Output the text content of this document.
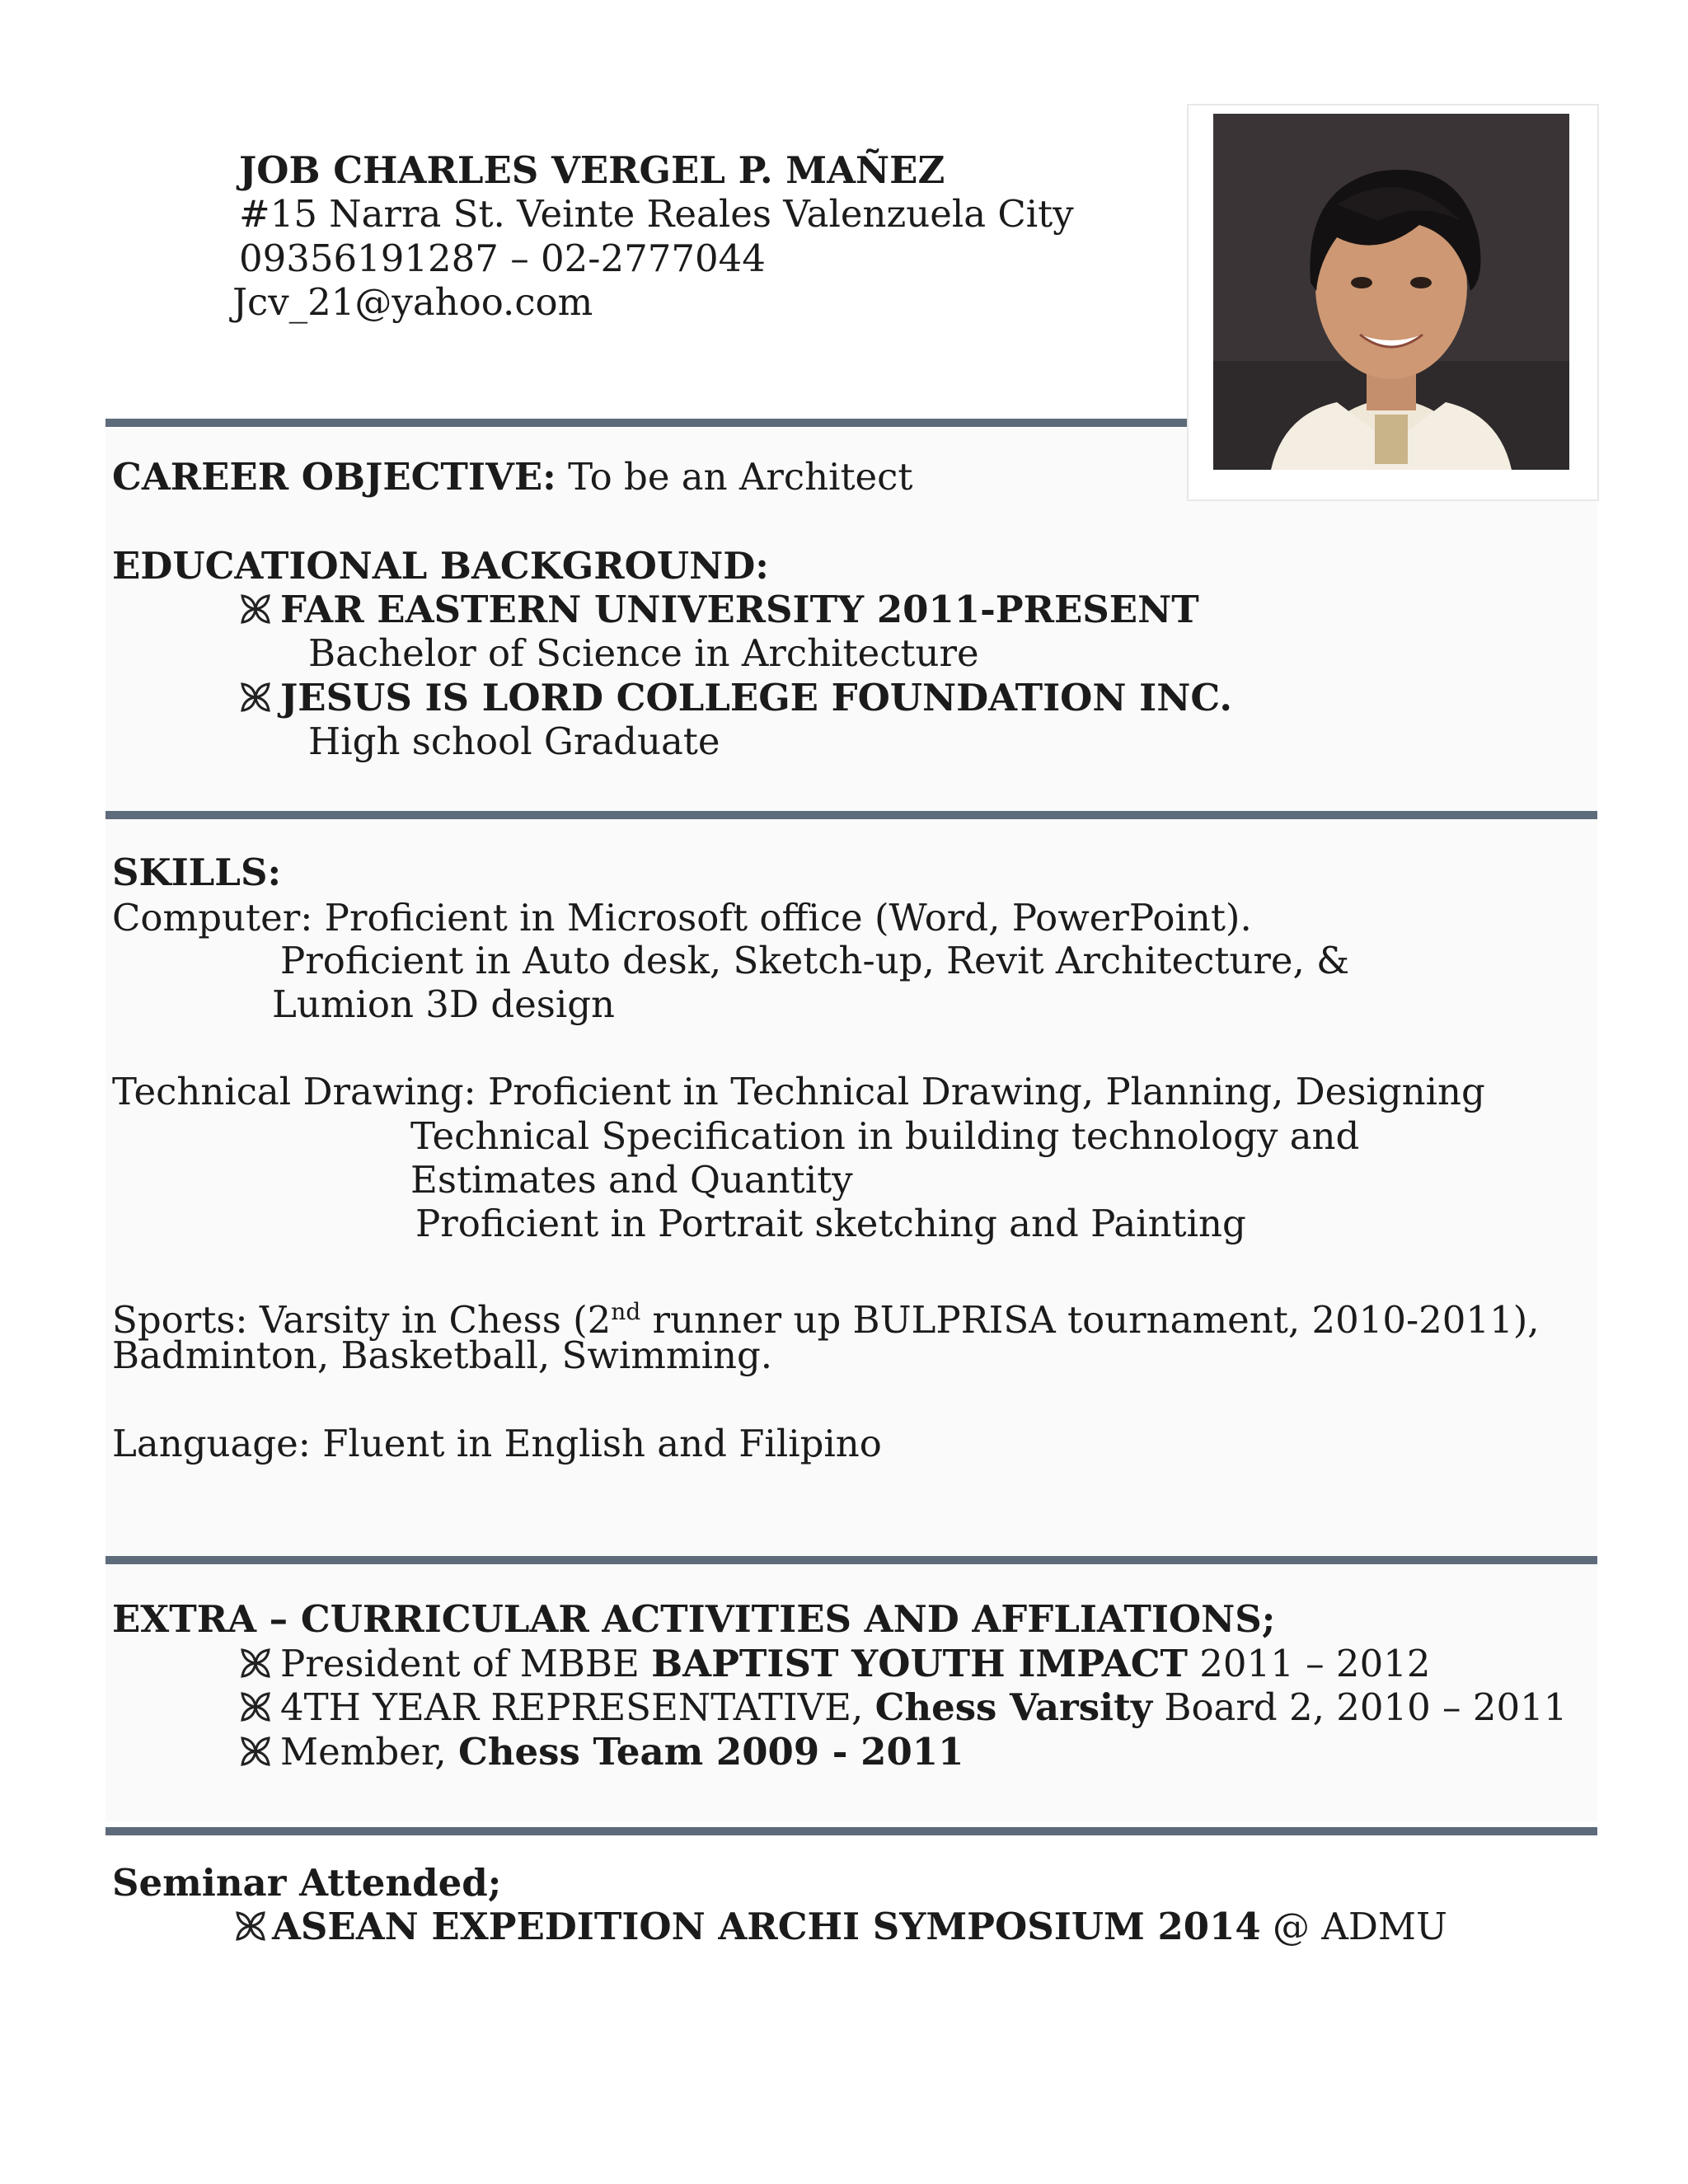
JOB CHARLES VERGEL P. MAÑEZ
#15 Narra St. Veinte Reales Valenzuela City
09356191287 – 02-2777044
Jcv_21@yahoo.com
CAREER OBJECTIVE: To be an Architect
EDUCATIONAL BACKGROUND:
FAR EASTERN UNIVERSITY 2011-PRESENT
Bachelor of Science in Architecture
JESUS IS LORD COLLEGE FOUNDATION INC.
High school Graduate
SKILLS:
Computer: Proficient in Microsoft office (Word, PowerPoint).
Proficient in Auto desk, Sketch-up, Revit Architecture, &
Lumion 3D design
Technical Drawing: Proficient in Technical Drawing, Planning, Designing
Technical Specification in building technology and
Estimates and Quantity
Proficient in Portrait sketching and Painting
Sports: Varsity in Chess (2nd runner up BULPRISA tournament, 2010-2011),
Badminton, Basketball, Swimming.
Language: Fluent in English and Filipino
EXTRA – CURRICULAR ACTIVITIES AND AFFLIATIONS;
President of MBBE BAPTIST YOUTH IMPACT 2011 – 2012
4TH YEAR REPRESENTATIVE, Chess Varsity Board 2, 2010 – 2011
Member, Chess Team 2009 - 2011
Seminar Attended;
ASEAN EXPEDITION ARCHI SYMPOSIUM 2014 @ ADMU
